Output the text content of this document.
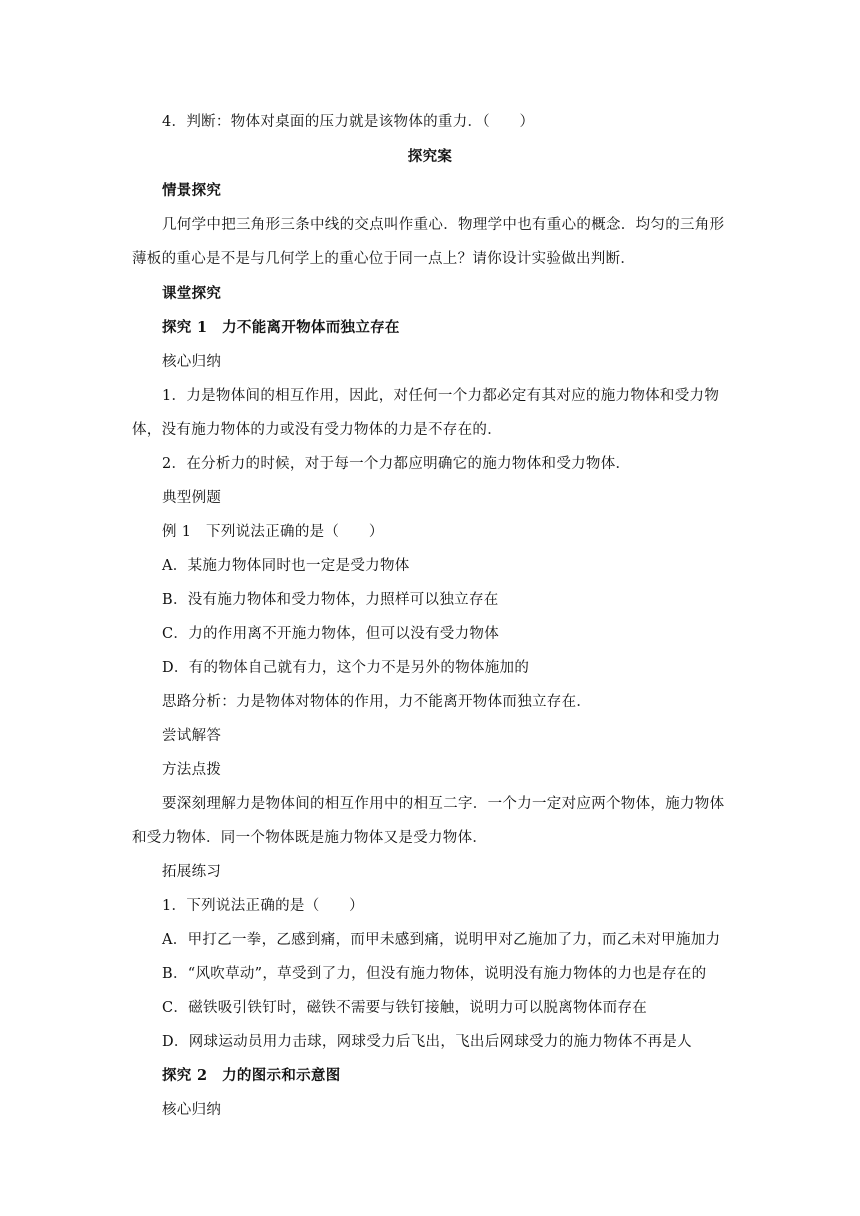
4．判断：物体对桌面的压力就是该物体的重力．（　　）
探究案
情景探究
几何学中把三角形三条中线的交点叫作重心．物理学中也有重心的概念．均匀的三角形
薄板的重心是不是与几何学上的重心位于同一点上？请你设计实验做出判断．
课堂探究
探究 1　力不能离开物体而独立存在
核心归纳
1．力是物体间的相互作用，因此，对任何一个力都必定有其对应的施力物体和受力物
体，没有施力物体的力或没有受力物体的力是不存在的．
2．在分析力的时候，对于每一个力都应明确它的施力物体和受力物体．
典型例题
例 1　下列说法正确的是（　　）
A．某施力物体同时也一定是受力物体
B．没有施力物体和受力物体，力照样可以独立存在
C．力的作用离不开施力物体，但可以没有受力物体
D．有的物体自己就有力，这个力不是另外的物体施加的
思路分析：力是物体对物体的作用，力不能离开物体而独立存在．
尝试解答
方法点拨
要深刻理解力是物体间的相互作用中的相互二字．一个力一定对应两个物体，施力物体
和受力物体．同一个物体既是施力物体又是受力物体．
拓展练习
1．下列说法正确的是（　　）
A．甲打乙一拳，乙感到痛，而甲未感到痛，说明甲对乙施加了力，而乙未对甲施加力
B．“风吹草动”，草受到了力，但没有施力物体，说明没有施力物体的力也是存在的
C．磁铁吸引铁钉时，磁铁不需要与铁钉接触，说明力可以脱离物体而存在
D．网球运动员用力击球，网球受力后飞出，飞出后网球受力的施力物体不再是人
探究 2　力的图示和示意图
核心归纳
